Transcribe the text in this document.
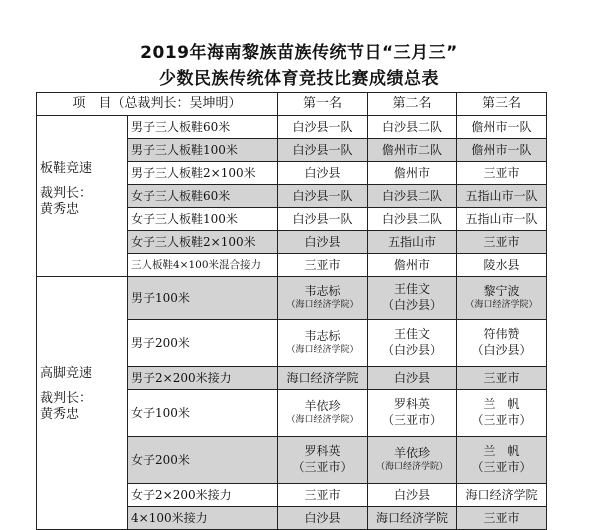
2019年海南黎族苗族传统节日“三月三”
少数民族传统体育竞技比赛成绩总表
项　目（总裁判长：吴坤明）		第一名	第二名	第三名

板鞋竞速
裁判长：
黄秀忠	男子三人板鞋60米	白沙县一队	白沙县二队	儋州市一队
	男子三人板鞋100米	白沙县一队	儋州市二队	儋州市一队
	男子三人板鞋2×100米	白沙县	儋州市	三亚市
	女子三人板鞋60米	白沙县一队	白沙县二队	五指山市一队
	女子三人板鞋100米	白沙县一队	白沙县二队	五指山市一队
	女子三人板鞋2×100米	白沙县	五指山市	三亚市
	三人板鞋4×100米混合接力	三亚市	儋州市	陵水县

高脚竞速
裁判长：
黄秀忠	男子100米	韦志标
（海口经济学院）	王佳文
（白沙县）	黎宁波
（海口经济学院）

	男子200米	韦志标
（海口经济学院）	王佳文
（白沙县）	符伟赞
（白沙县）

	男子2×200米接力	海口经济学院	白沙县	三亚市
	女子100米	羊依珍
（海口经济学院）	罗科英
（三亚市）	兰　帆
（三亚市）

	女子200米	罗科英
（三亚市）	羊依珍
（海口经济学院）	兰　帆
（三亚市）

	女子2×200米接力	三亚市	白沙县	海口经济学院
	4×100米接力	白沙县	海口经济学院	三亚市
